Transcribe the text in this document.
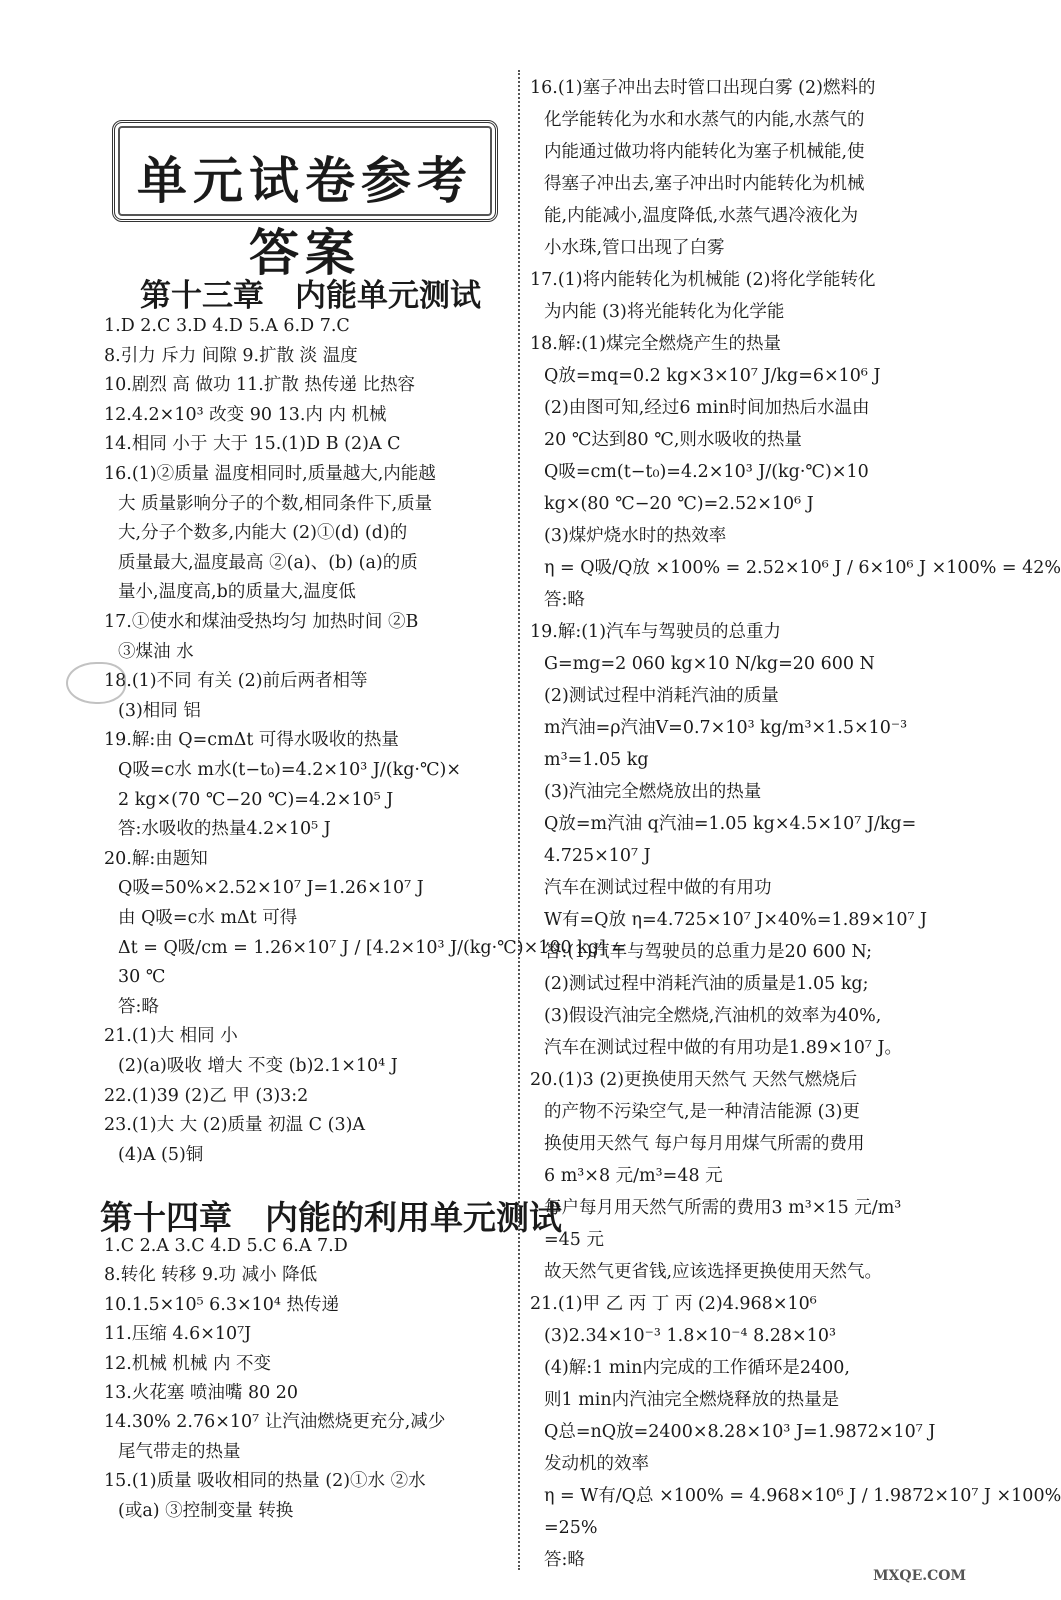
单元试卷参考答案
第十三章　内能单元测试
1.D 2.C 3.D 4.D 5.A 6.D 7.C
8.引力 斥力 间隙 9.扩散 淡 温度
10.剧烈 高 做功 11.扩散 热传递 比热容
12.4.2×10³ 改变 90 13.内 内 机械
14.相同 小于 大于 15.(1)D B (2)A C
16.(1)②质量 温度相同时,质量越大,内能越
大 质量影响分子的个数,相同条件下,质量
大,分子个数多,内能大 (2)①(d) (d)的
质量最大,温度最高 ②(a)、(b) (a)的质
量小,温度高,b的质量大,温度低
17.①使水和煤油受热均匀 加热时间 ②B
③煤油 水
18.(1)不同 有关 (2)前后两者相等
(3)相同 铝
19.解:由 Q=cmΔt 可得水吸收的热量
Q吸=c水 m水(t−t₀)=4.2×10³ J/(kg·℃)×
2 kg×(70 ℃−20 ℃)=4.2×10⁵ J
答:水吸收的热量4.2×10⁵ J
20.解:由题知
Q吸=50%×2.52×10⁷ J=1.26×10⁷ J
由 Q吸=c水 mΔt 可得
Δt = Q吸/cm = 1.26×10⁷ J / [4.2×10³ J/(kg·℃)×100 kg] =
30 ℃
答:略
21.(1)大 相同 小
(2)(a)吸收 增大 不变 (b)2.1×10⁴ J
22.(1)39 (2)乙 甲 (3)3:2
23.(1)大 大 (2)质量 初温 C (3)A
(4)A (5)铜
第十四章　内能的利用单元测试
1.C 2.A 3.C 4.D 5.C 6.A 7.D
8.转化 转移 9.功 减小 降低
10.1.5×10⁵ 6.3×10⁴ 热传递
11.压缩 4.6×10⁷J
12.机械 机械 内 不变
13.火花塞 喷油嘴 80 20
14.30% 2.76×10⁷ 让汽油燃烧更充分,减少
尾气带走的热量
15.(1)质量 吸收相同的热量 (2)①水 ②水
(或a) ③控制变量 转换
16.(1)塞子冲出去时管口出现白雾 (2)燃料的
化学能转化为水和水蒸气的内能,水蒸气的
内能通过做功将内能转化为塞子机械能,使
得塞子冲出去,塞子冲出时内能转化为机械
能,内能减小,温度降低,水蒸气遇冷液化为
小水珠,管口出现了白雾
17.(1)将内能转化为机械能 (2)将化学能转化
为内能 (3)将光能转化为化学能
18.解:(1)煤完全燃烧产生的热量
Q放=mq=0.2 kg×3×10⁷ J/kg=6×10⁶ J
(2)由图可知,经过6 min时间加热后水温由
20 ℃达到80 ℃,则水吸收的热量
Q吸=cm(t−t₀)=4.2×10³ J/(kg·℃)×10
kg×(80 ℃−20 ℃)=2.52×10⁶ J
(3)煤炉烧水时的热效率
η = Q吸/Q放 ×100% = 2.52×10⁶ J / 6×10⁶ J ×100% = 42%
答:略
19.解:(1)汽车与驾驶员的总重力
G=mg=2 060 kg×10 N/kg=20 600 N
(2)测试过程中消耗汽油的质量
m汽油=ρ汽油V=0.7×10³ kg/m³×1.5×10⁻³
m³=1.05 kg
(3)汽油完全燃烧放出的热量
Q放=m汽油 q汽油=1.05 kg×4.5×10⁷ J/kg=
4.725×10⁷ J
汽车在测试过程中做的有用功
W有=Q放 η=4.725×10⁷ J×40%=1.89×10⁷ J
答:(1)汽车与驾驶员的总重力是20 600 N;
(2)测试过程中消耗汽油的质量是1.05 kg;
(3)假设汽油完全燃烧,汽油机的效率为40%,
汽车在测试过程中做的有用功是1.89×10⁷ J。
20.(1)3 (2)更换使用天然气 天然气燃烧后
的产物不污染空气,是一种清洁能源 (3)更
换使用天然气 每户每月用煤气所需的费用
6 m³×8 元/m³=48 元
每户每月用天然气所需的费用3 m³×15 元/m³
=45 元
故天然气更省钱,应该选择更换使用天然气。
21.(1)甲 乙 丙 丁 丙 (2)4.968×10⁶
(3)2.34×10⁻³ 1.8×10⁻⁴ 8.28×10³
(4)解:1 min内完成的工作循环是2400,
则1 min内汽油完全燃烧释放的热量是
Q总=nQ放=2400×8.28×10³ J=1.9872×10⁷ J
发动机的效率
η = W有/Q总 ×100% = 4.968×10⁶ J / 1.9872×10⁷ J ×100%
=25%
答:略
MXQE.COM
